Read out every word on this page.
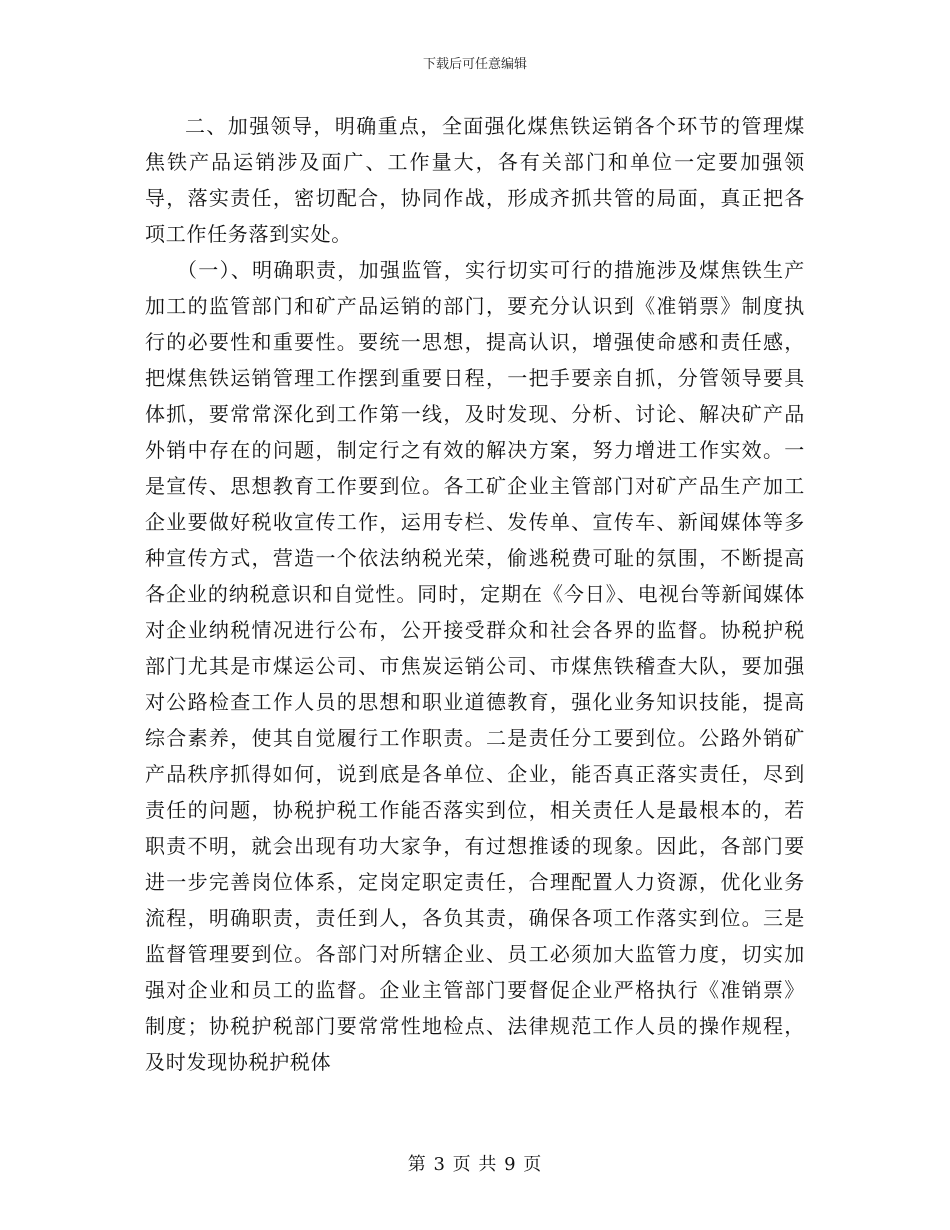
下载后可任意编辑

二、加强领导，明确重点，全面强化煤焦铁运销各个环节的管理煤焦铁产品运销涉及面广、工作量大，各有关部门和单位一定要加强领导，落实责任，密切配合，协同作战，形成齐抓共管的局面，真正把各项工作任务落到实处。

（一）、明确职责，加强监管，实行切实可行的措施涉及煤焦铁生产加工的监管部门和矿产品运销的部门，要充分认识到《准销票》制度执行的必要性和重要性。要统一思想，提高认识，增强使命感和责任感，把煤焦铁运销管理工作摆到重要日程，一把手要亲自抓，分管领导要具体抓，要常常深化到工作第一线，及时发现、分析、讨论、解决矿产品外销中存在的问题，制定行之有效的解决方案，努力增进工作实效。一是宣传、思想教育工作要到位。各工矿企业主管部门对矿产品生产加工企业要做好税收宣传工作，运用专栏、发传单、宣传车、新闻媒体等多种宣传方式，营造一个依法纳税光荣，偷逃税费可耻的氛围，不断提高各企业的纳税意识和自觉性。同时，定期在《今日》、电视台等新闻媒体对企业纳税情况进行公布，公开接受群众和社会各界的监督。协税护税部门尤其是市煤运公司、市焦炭运销公司、市煤焦铁稽查大队，要加强对公路检查工作人员的思想和职业道德教育，强化业务知识技能，提高综合素养，使其自觉履行工作职责。二是责任分工要到位。公路外销矿产品秩序抓得如何，说到底是各单位、企业，能否真正落实责任，尽到责任的问题，协税护税工作能否落实到位，相关责任人是最根本的，若职责不明，就会出现有功大家争，有过想推诿的现象。因此，各部门要进一步完善岗位体系，定岗定职定责任，合理配置人力资源，优化业务流程，明确职责，责任到人，各负其责，确保各项工作落实到位。三是监督管理要到位。各部门对所辖企业、员工必须加大监管力度，切实加强对企业和员工的监督。企业主管部门要督促企业严格执行《准销票》制度；协税护税部门要常常性地检点、法律规范工作人员的操作规程，及时发现协税护税体

第 3 页 共 9 页
